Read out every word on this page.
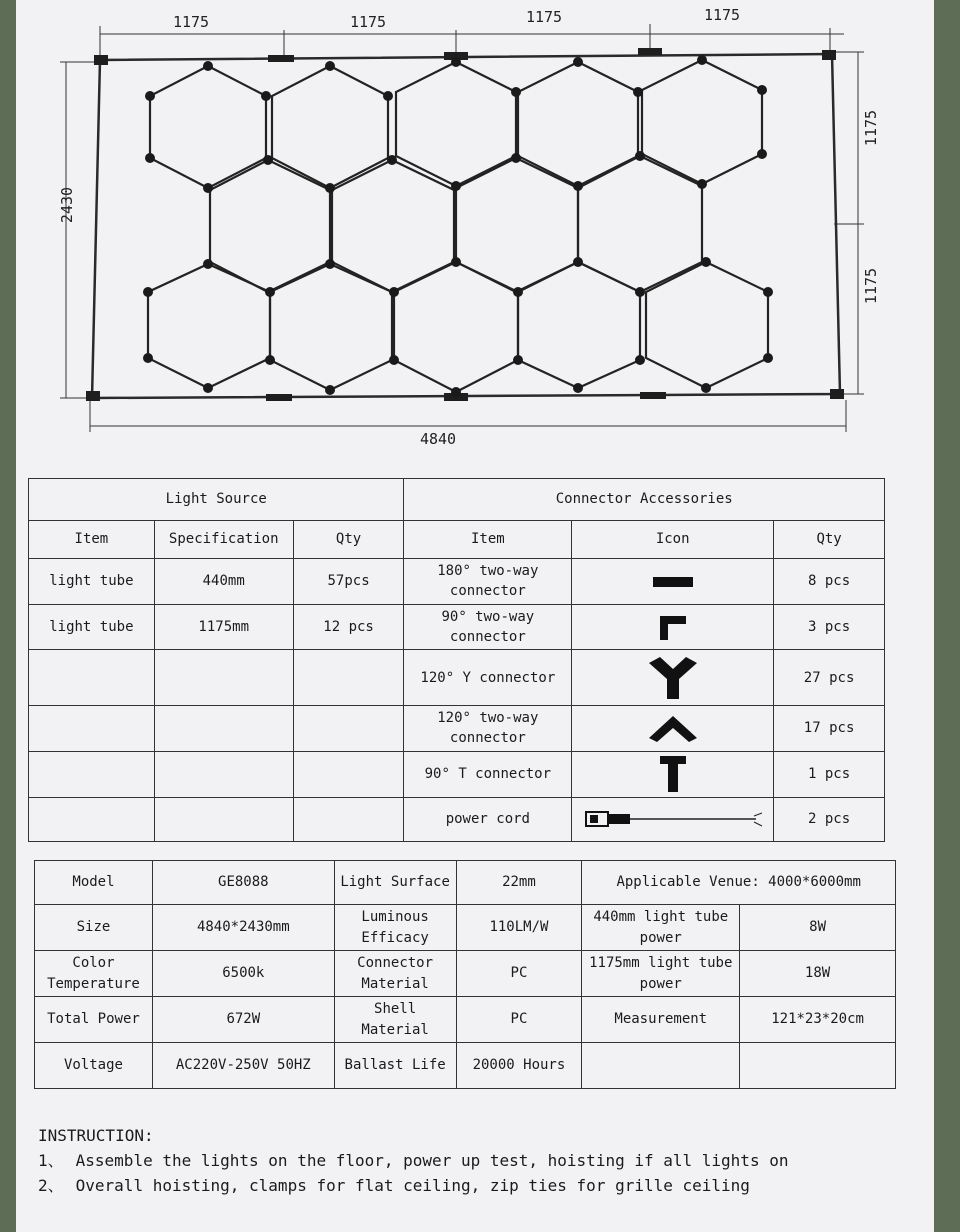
1175	1175	1175	1175
2430
1175
1175
4840
Light Source			Connector Accessories		
Item	Specification	Qty	Item	Icon	Qty
light tube	440mm	57pcs	180° two-way connector		8 pcs
light tube	1175mm	12 pcs	90° two-way connector		3 pcs
			120° Y connector		27 pcs
			120° two-way connector		17 pcs
			90° T connector		1 pcs
			power cord		2 pcs
Model	GE8088	Light Surface	22mm	Applicable Venue: 4000*6000mm	
Size	4840*2430mm	Luminous Efficacy	110LM/W	440mm light tube power	8W
Color Temperature	6500k	Connector Material	PC	1175mm light tube power	18W
Total Power	672W	Shell Material	PC	Measurement	121*23*20cm
Voltage	AC220V-250V 50HZ	Ballast Life	20000 Hours		
INSTRUCTION:
1、 Assemble the lights on the floor, power up test, hoisting if all lights on
2、 Overall hoisting, clamps for flat ceiling, zip ties for grille ceiling
